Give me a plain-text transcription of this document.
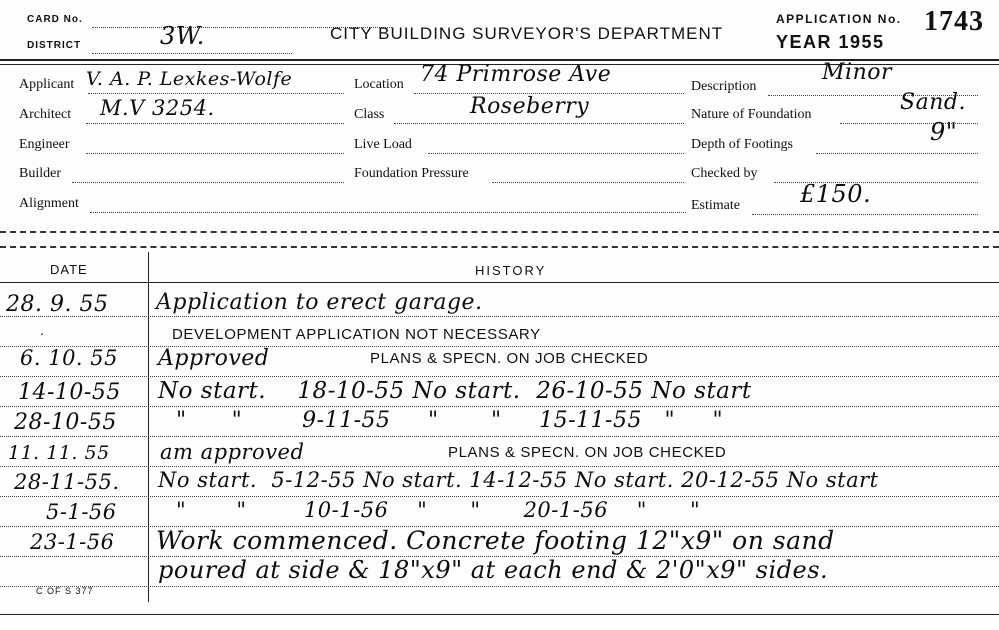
CARD No.
DISTRICT	3W.	CITY BUILDING SURVEYOR'S DEPARTMENT
APPLICATION No. 1743
YEAR 1955
Applicant V. A. P. Lexkes-Wolfe
Architect M.V 3254.
Engineer
Builder
Alignment
Location 74 Primrose Ave
Class	Roseberry
Live Load
Foundation Pressure
Description
Minor
Nature of Foundation	Sand.
Depth of Footings	9"
Checked by
Estimate	£150.
DATE	HISTORY
28. 9. 55 Application to erect garage.
.	DEVELOPMENT APPLICATION NOT NECESSARY
6. 10. 55 Approved	PLANS & SPECN. ON JOB CHECKED
14-10-55 No start.    18-10-55 No start.  26-10-55 No start
28-10-55	"      "        9-11-55     "       "     15-11-55   "     "
11. 11. 55 am approved	PLANS & SPECN. ON JOB CHECKED
28-11-55. No start.  5-12-55 No start. 14-12-55 No start. 20-12-55 No start
5-1-56	"       "        10-1-56    "      "      20-1-56    "      "
23-1-56 Work commenced. Concrete footing 12"x9" on sand
poured at side & 18"x9" at each end & 2'0"x9" sides.
C OF S 377
